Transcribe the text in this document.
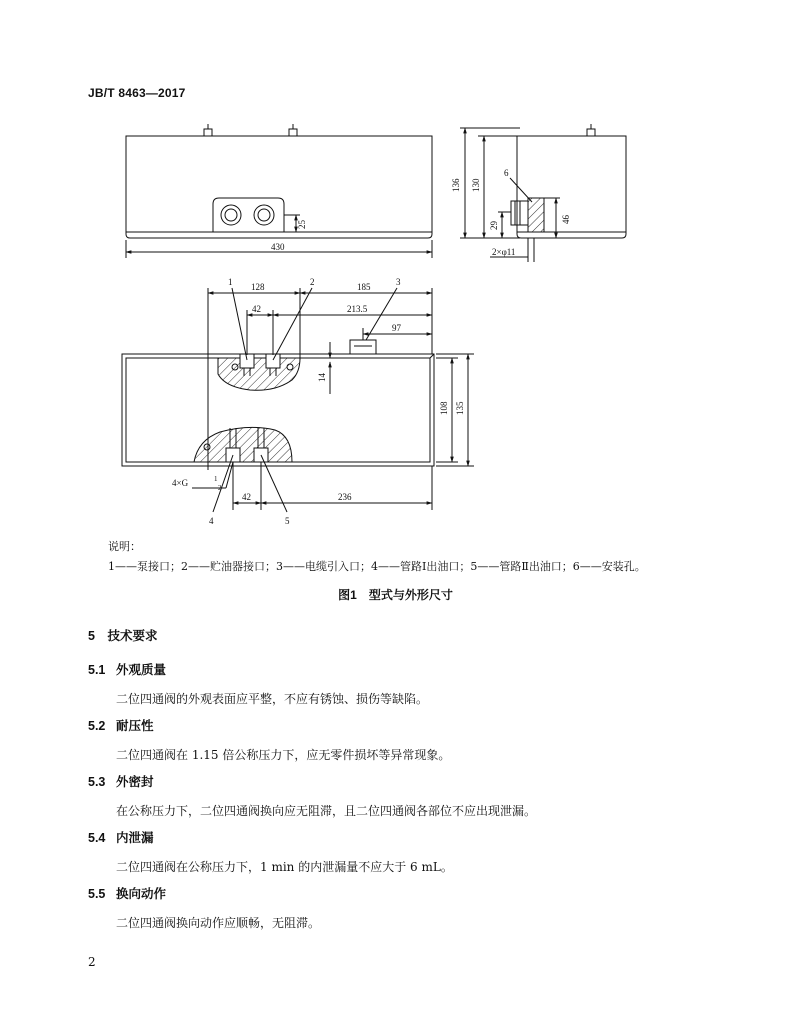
JB/T 8463—2017
25
430
136 130
29
46
6
2×φ11
128	185
42	213.5
97
14
108 135
4×G	1
2
42	236
1	2	3
4	5
说明：
1——泵接口；2——贮油器接口；3——电缆引入口；4——管路Ⅰ出油口；5——管路Ⅱ出油口；6——安装孔。
图1　型式与外形尺寸
5　技术要求
5.1 外观质量
二位四通阀的外观表面应平整，不应有锈蚀、损伤等缺陷。
5.2 耐压性
二位四通阀在 1.15 倍公称压力下，应无零件损坏等异常现象。
5.3 外密封
在公称压力下，二位四通阀换向应无阻滞，且二位四通阀各部位不应出现泄漏。
5.4 内泄漏
二位四通阀在公称压力下，1 min 的内泄漏量不应大于 6 mL。
5.5 换向动作
二位四通阀换向动作应顺畅，无阻滞。
2
